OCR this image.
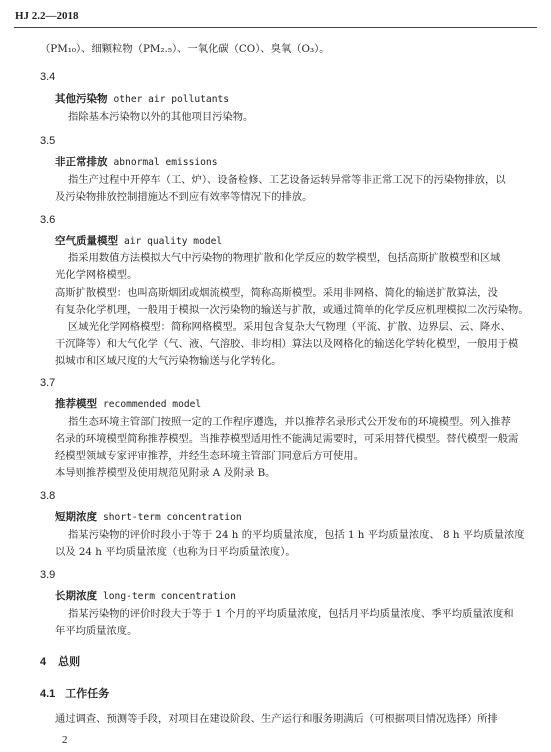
HJ 2.2—2018
（PM₁₀）、细颗粒物（PM₂.₅）、一氧化碳（CO）、臭氧（O₃）。
3.4
其他污染物 other air pollutants
指除基本污染物以外的其他项目污染物。
3.5
非正常排放 abnormal emissions
指生产过程中开停车（工、炉）、设备检修、工艺设备运转异常等非正常工况下的污染物排放，以
及污染物排放控制措施达不到应有效率等情况下的排放。
3.6
空气质量模型 air quality model
指采用数值方法模拟大气中污染物的物理扩散和化学反应的数学模型，包括高斯扩散模型和区域
光化学网格模型。
高斯扩散模型：也叫高斯烟团或烟流模型，简称高斯模型。采用非网格、简化的输送扩散算法，没
有复杂化学机理，一般用于模拟一次污染物的输送与扩散，或通过简单的化学反应机理模拟二次污染物。
区域光化学网格模型：简称网格模型。采用包含复杂大气物理（平流、扩散、边界层、云、降水、
干沉降等）和大气化学（气、液、气溶胶、非均相）算法以及网格化的输送化学转化模型，一般用于模
拟城市和区域尺度的大气污染物输送与化学转化。
3.7
推荐模型 recommended model
指生态环境主管部门按照一定的工作程序遵选，并以推荐名录形式公开发布的环境模型。列入推荐
名录的环境模型简称推荐模型。当推荐模型适用性不能满足需要时，可采用替代模型。替代模型一般需
经模型领域专家评审推荐，并经生态环境主管部门同意后方可使用。
本导则推荐模型及使用规范见附录 A 及附录 B。
3.8
短期浓度 short-term concentration
指某污染物的评价时段小于等于 24 h 的平均质量浓度，包括 1 h 平均质量浓度、 8 h 平均质量浓度
以及 24 h 平均质量浓度（也称为日平均质量浓度）。
3.9
长期浓度 long-term concentration
指某污染物的评价时段大于等于 1 个月的平均质量浓度，包括月平均质量浓度、季平均质量浓度和
年平均质量浓度。
4 总则
4.1 工作任务
通过调查、预测等手段，对项目在建设阶段、生产运行和服务期满后（可根据项目情况选择）所排
2
